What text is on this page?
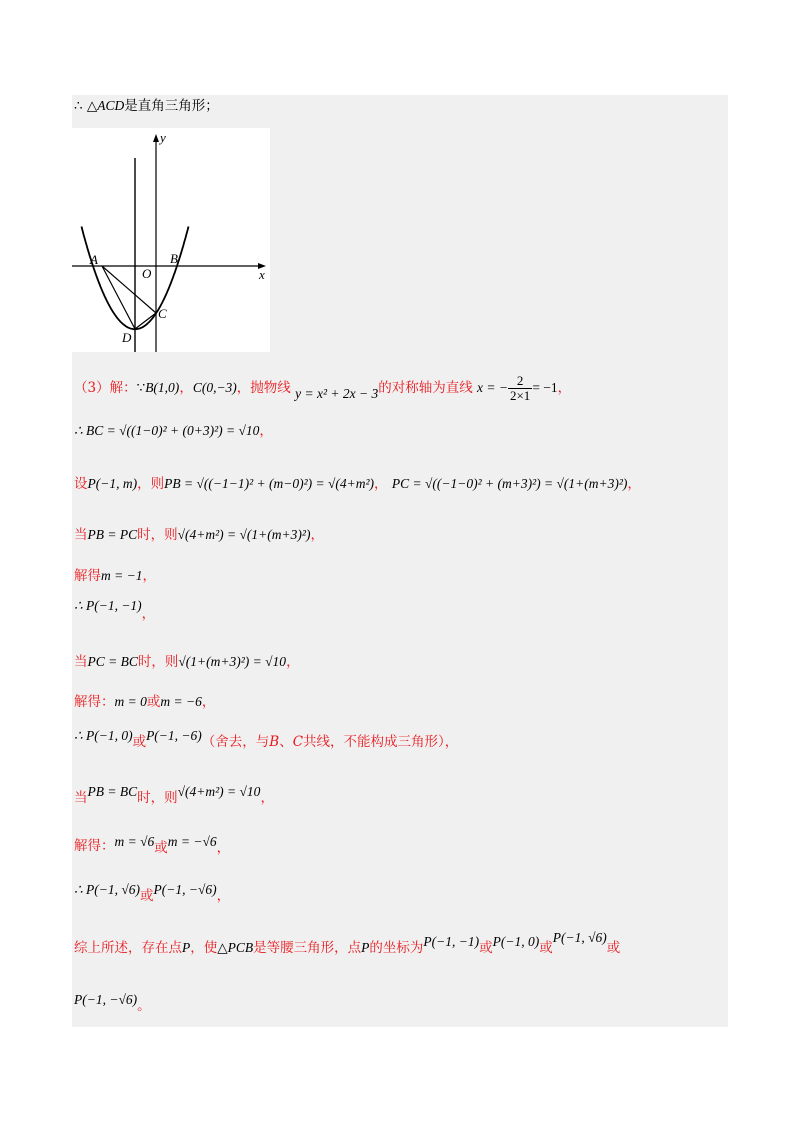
∴ △ACD是直角三角形；
y
x
O
A	B
C
D
（3）解：∵B(1,0)，C(0,−3)，抛物线 y = x² + 2x − 3的对称轴为直线 x = − $\frac{2}{2\times 1} = -1$，
∴ BC = √((1−0)² + (0+3)²) = √10，
设P(−1, m)，则PB = √((−1−1)² + (m−0)²) = √(4+m²)， PC = √((−1−0)² + (m+3)²) = √(1+(m+3)²)，
当PB = PC时，则√(4+m²) = √(1+(m+3)²)，
解得m = −1，
∴ P(−1, −1)，
当PC = BC时，则√(1+(m+3)²) = √10，
解得：m = 0或m = −6，
∴ P(−1, 0)或P(−1, −6)（舍去，与B、C共线，不能构成三角形），
当PB = BC时，则√(4+m²) = √10，
解得：m = √6或m = −√6，
∴ P(−1, √6)或P(−1, −√6)，
综上所述，存在点P，使△PCB是等腰三角形，点P的坐标为P(−1, −1)或P(−1, 0)或P(−1, √6)或
P(−1, −√6)。
